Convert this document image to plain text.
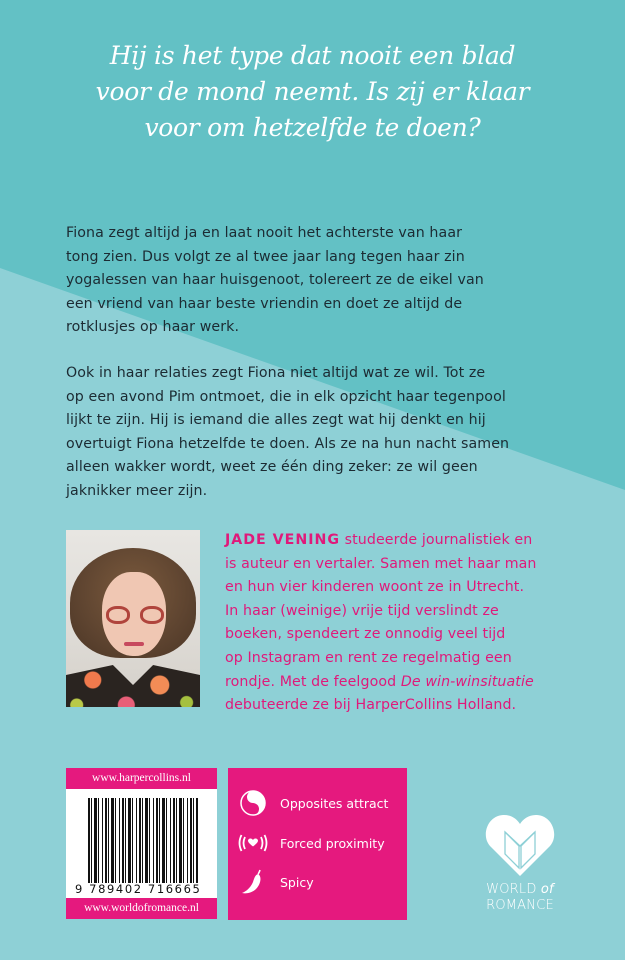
Hij is het type dat nooit een blad
voor de mond neemt. Is zij er klaar
voor om hetzelfde te doen?
Fiona zegt altijd ja en laat nooit het achterste van haar
tong zien. Dus volgt ze al twee jaar lang tegen haar zin
yogalessen van haar huisgenoot, tolereert ze de eikel van
een vriend van haar beste vriendin en doet ze altijd de
rotklusjes op haar werk.
Ook in haar relaties zegt Fiona niet altijd wat ze wil. Tot ze
op een avond Pim ontmoet, die in elk opzicht haar tegenpool
lijkt te zijn. Hij is iemand die alles zegt wat hij denkt en hij
overtuigt Fiona hetzelfde te doen. Als ze na hun nacht samen
alleen wakker wordt, weet ze één ding zeker: ze wil geen
jaknikker meer zijn.
JADE VENING studeerde journalistiek en
is auteur en vertaler. Samen met haar man
en hun vier kinderen woont ze in Utrecht.
In haar (weinige) vrije tijd verslindt ze
boeken, spendeert ze onnodig veel tijd
op Instagram en rent ze regelmatig een
rondje. Met de feelgood De win-winsituatie
debuteerde ze bij HarperCollins Holland.
www.harpercollins.nl
9 789402 716665
www.worldofromance.nl
Opposites attract
Forced proximity
Spicy	WORLD of
ROMANCE
